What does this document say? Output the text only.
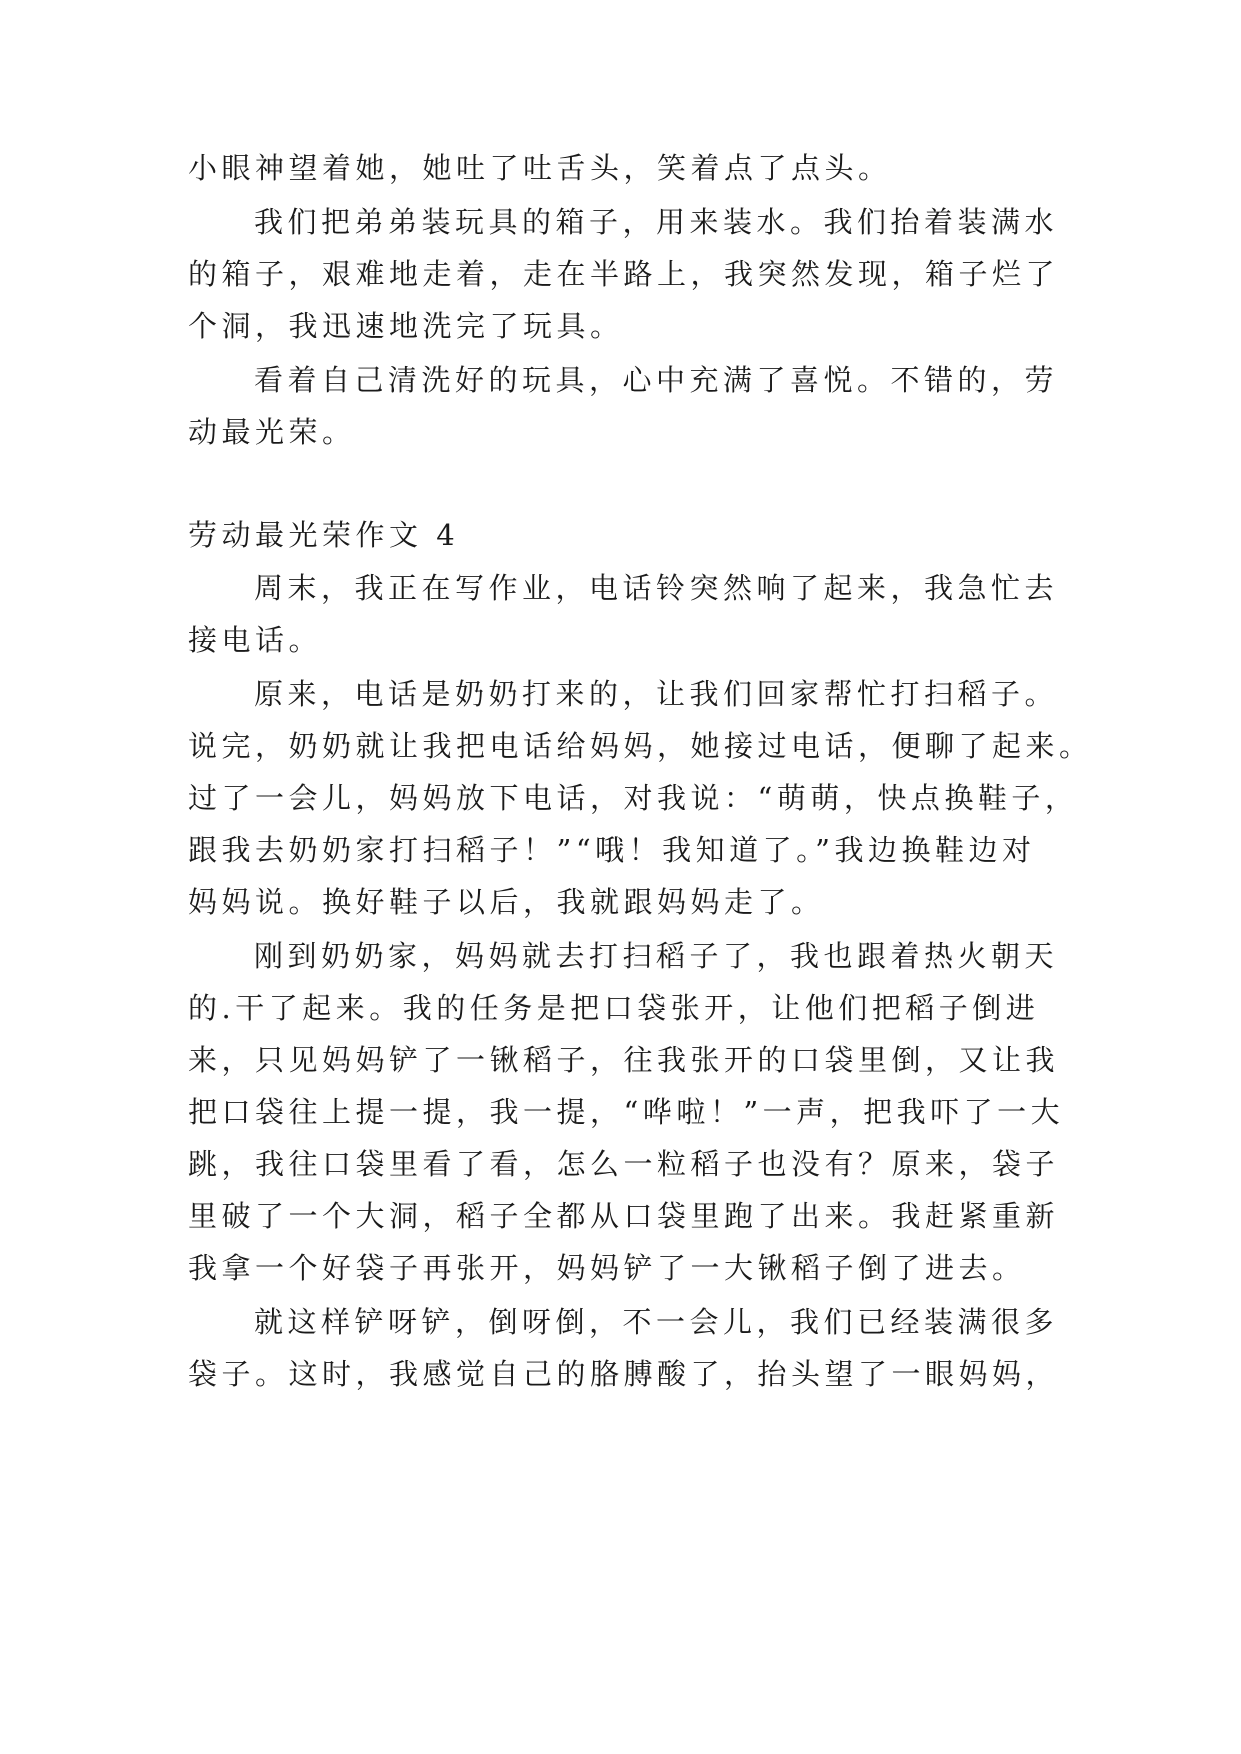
小眼神望着她，她吐了吐舌头，笑着点了点头。

我们把弟弟装玩具的箱子，用来装水。我们抬着装满水

的箱子，艰难地走着，走在半路上，我突然发现，箱子烂了

个洞，我迅速地洗完了玩具。

看着自己清洗好的玩具，心中充满了喜悦。不错的，劳

动最光荣。

劳动最光荣作文 4

周末，我正在写作业，电话铃突然响了起来，我急忙去

接电话。

原来，电话是奶奶打来的，让我们回家帮忙打扫稻子。

说完，奶奶就让我把电话给妈妈，她接过电话，便聊了起来。

过了一会儿，妈妈放下电话，对我说：“萌萌，快点换鞋子，

跟我去奶奶家打扫稻子！”“哦！我知道了。”我边换鞋边对

妈妈说。换好鞋子以后，我就跟妈妈走了。

刚到奶奶家，妈妈就去打扫稻子了，我也跟着热火朝天

的.干了起来。我的任务是把口袋张开，让他们把稻子倒进

来，只见妈妈铲了一锹稻子，往我张开的口袋里倒，又让我

把口袋往上提一提，我一提，“哗啦！”一声，把我吓了一大

跳，我往口袋里看了看，怎么一粒稻子也没有？原来，袋子

里破了一个大洞，稻子全都从口袋里跑了出来。我赶紧重新

我拿一个好袋子再张开，妈妈铲了一大锹稻子倒了进去。

就这样铲呀铲，倒呀倒，不一会儿，我们已经装满很多

袋子。这时，我感觉自己的胳膊酸了，抬头望了一眼妈妈，
